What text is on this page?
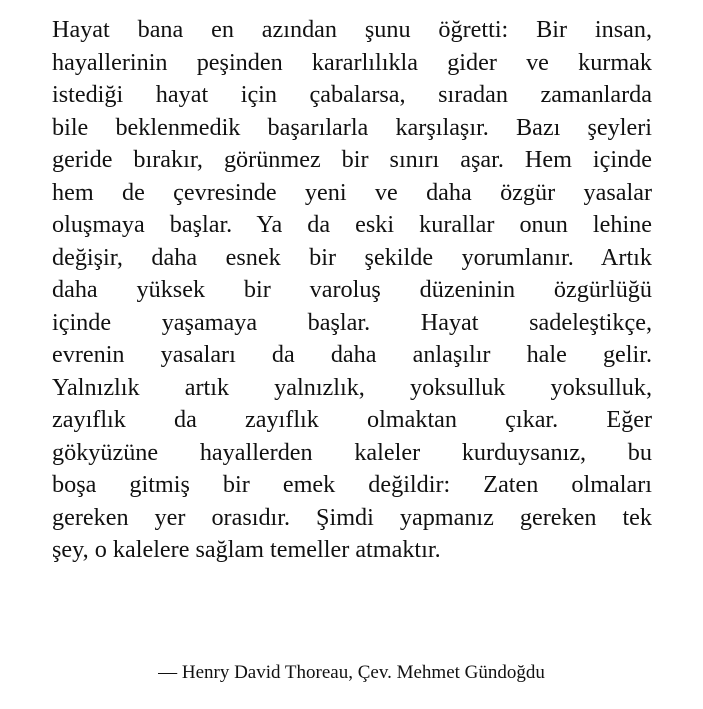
Hayat bana en azından şunu öğretti: Bir insan,
hayallerinin peşinden kararlılıkla gider ve kurmak
istediği hayat için çabalarsa, sıradan zamanlarda
bile beklenmedik başarılarla karşılaşır. Bazı şeyleri
geride bırakır, görünmez bir sınırı aşar. Hem içinde
hem de çevresinde yeni ve daha özgür yasalar
oluşmaya başlar. Ya da eski kurallar onun lehine
değişir, daha esnek bir şekilde yorumlanır. Artık
daha yüksek bir varoluş düzeninin özgürlüğü
içinde yaşamaya başlar. Hayat sadeleştikçe,
evrenin yasaları da daha anlaşılır hale gelir.
Yalnızlık artık yalnızlık, yoksulluk yoksulluk,
zayıflık da zayıflık olmaktan çıkar. Eğer
gökyüzüne hayallerden kaleler kurduysanız, bu
boşa gitmiş bir emek değildir: Zaten olmaları
gereken yer orasıdır. Şimdi yapmanız gereken tek
şey, o kalelere sağlam temeller atmaktır.
— Henry David Thoreau, Çev. Mehmet Gündoğdu
